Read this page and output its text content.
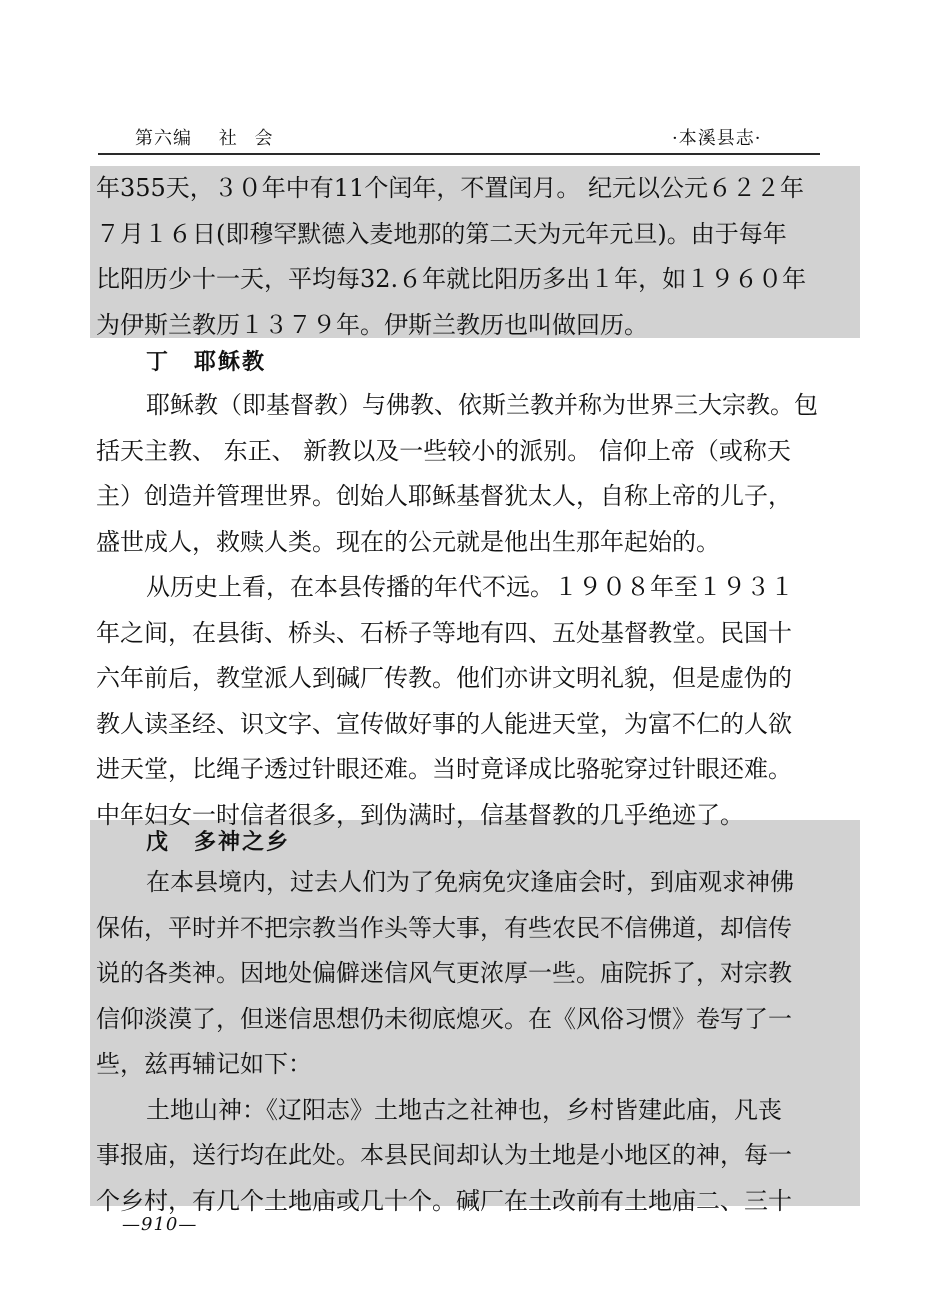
第六编 社 会	·本溪县志·
年355天，３０年中有11个闰年，不置闰月。 纪元以公元６２２年
７月１６日(即穆罕默德入麦地那的第二天为元年元旦)。由于每年
比阳历少十一天，平均每32.６年就比阳历多出１年，如１９６０年
为伊斯兰教历１３７９年。伊斯兰教历也叫做回历。
丁 耶稣教
耶稣教（即基督教）与佛教、依斯兰教并称为世界三大宗教。包
括天主教、 东正、 新教以及一些较小的派别。 信仰上帝（或称天
主）创造并管理世界。创始人耶稣基督犹太人，自称上帝的儿子，
盛世成人，救赎人类。现在的公元就是他出生那年起始的。
从历史上看，在本县传播的年代不远。１９０８年至１９３１
年之间，在县街、桥头、石桥子等地有四、五处基督教堂。民国十
六年前后，教堂派人到碱厂传教。他们亦讲文明礼貌，但是虚伪的
教人读圣经、识文字、宣传做好事的人能进天堂，为富不仁的人欲
进天堂，比绳子透过针眼还难。当时竟译成比骆驼穿过针眼还难。
中年妇女一时信者很多，到伪满时，信基督教的几乎绝迹了。
戊 多神之乡
在本县境内，过去人们为了免病免灾逢庙会时，到庙观求神佛
保佑，平时并不把宗教当作头等大事，有些农民不信佛道，却信传
说的各类神。因地处偏僻迷信风气更浓厚一些。庙院拆了，对宗教
信仰淡漠了，但迷信思想仍未彻底熄灭。在《风俗习惯》卷写了一
些，兹再辅记如下：
土地山神：《辽阳志》土地古之社神也，乡村皆建此庙，凡丧
事报庙，送行均在此处。本县民间却认为土地是小地区的神，每一
个乡村，有几个土地庙或几十个。碱厂在土改前有土地庙二、三十
—910—
